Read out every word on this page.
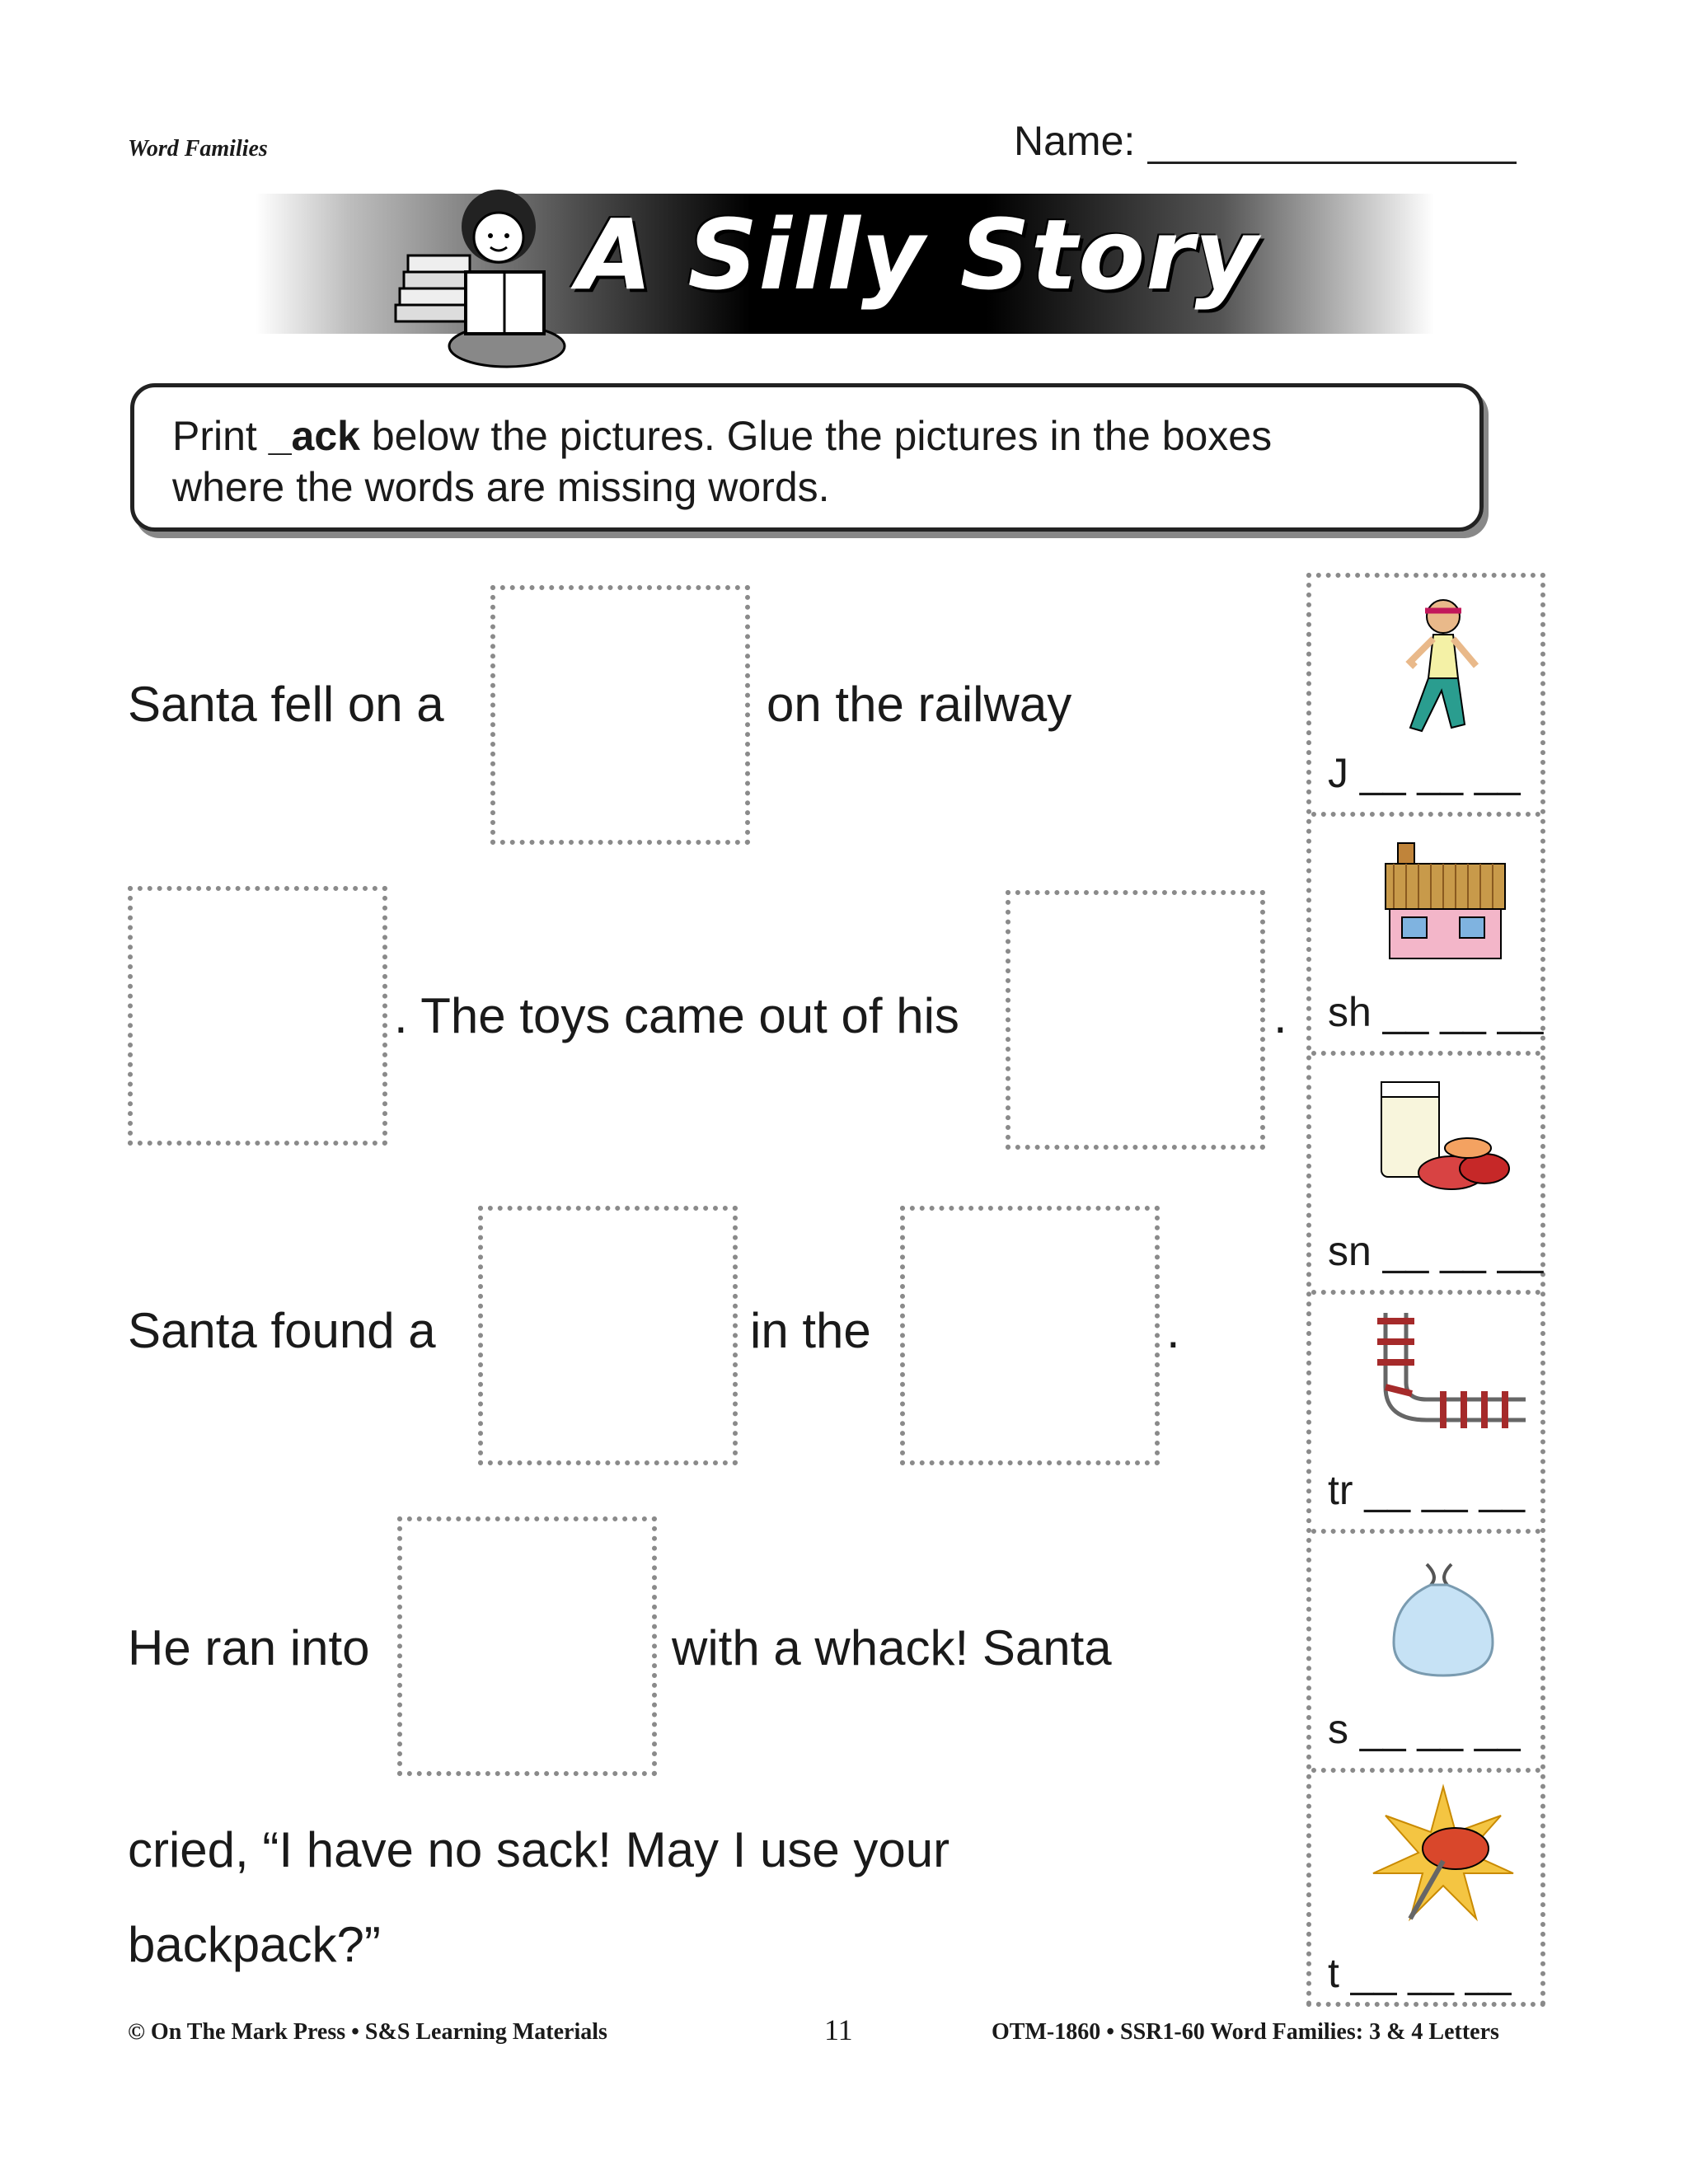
Word Families	Name:
A Silly Story
Print _ack below the pictures. Glue the pictures in the boxes
where the words are missing words.
Santa fell on a	on the railway
. The toys came out of his	.
Santa found a	in the	.
He ran into	with a whack! Santa
cried, “I have no sack! May I use your
backpack?”
J __ __ __
sh __ __ __
sn __ __ __
tr __ __ __
s __ __ __
t __ __ __
© On The Mark Press • S&S Learning Materials	11	OTM-1860 • SSR1-60 Word Families: 3 & 4 Letters
